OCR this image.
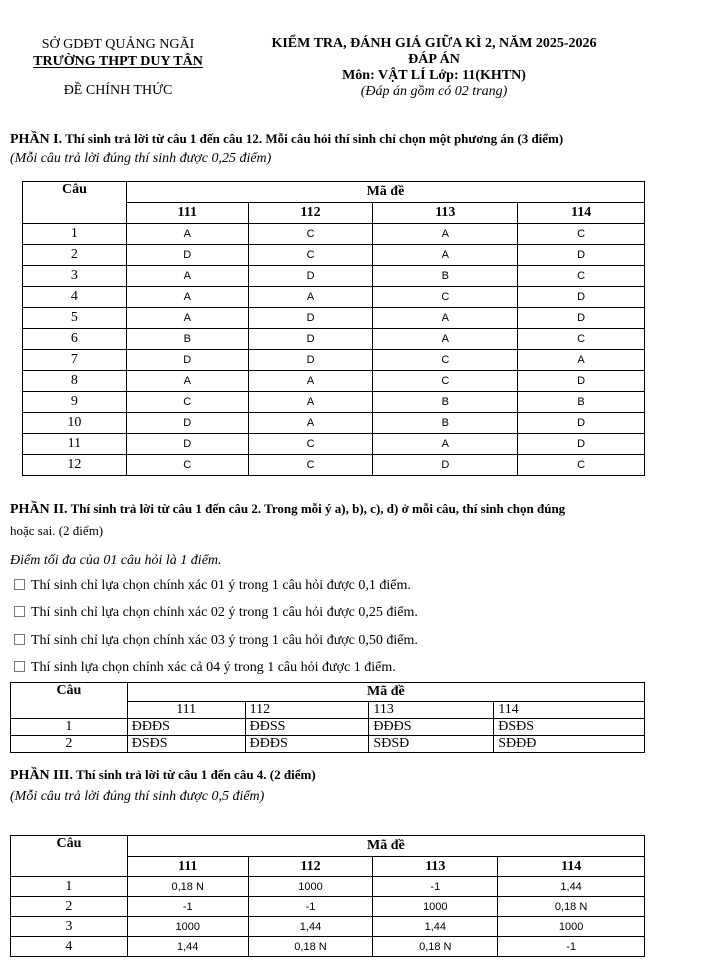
SỞ GDĐT QUẢNG NGÃI
TRƯỜNG THPT DUY TÂN
ĐỀ CHÍNH THỨC
KIỂM TRA, ĐÁNH GIÁ GIỮA KÌ 2, NĂM 2025-2026
ĐÁP ÁN
Môn: VẬT LÍ Lớp: 11(KHTN)
(Đáp án gồm có 02 trang)
PHẦN I. Thí sinh trả lời từ câu 1 đến câu 12. Mỗi câu hỏi thí sinh chỉ chọn một phương án (3 điểm)
(Mỗi câu trả lời đúng thí sinh được 0,25 điểm)
Câu	Mã đề			
	111	112	113	114
1	A	C	A	C
2	D	C	A	D
3	A	D	B	C
4	A	A	C	D
5	A	D	A	D
6	B	D	A	C
7	D	D	C	A
8	A	A	C	D
9	C	A	B	B
10	D	A	B	D
11	D	C	A	D
12	C	C	D	C
PHẦN II. Thí sinh trả lời từ câu 1 đến câu 2. Trong mỗi ý a), b), c), d) ở mỗi câu, thí sinh chọn đúng
hoặc sai. (2 điểm)
Điểm tối đa của 01 câu hỏi là 1 điểm.
Thí sinh chỉ lựa chọn chính xác 01 ý trong 1 câu hỏi được 0,1 điểm.
Thí sinh chỉ lựa chọn chính xác 02 ý trong 1 câu hỏi được 0,25 điểm.
Thí sinh chỉ lựa chọn chính xác 03 ý trong 1 câu hỏi được 0,50 điểm.
Thí sinh lựa chọn chính xác cả 04 ý trong 1 câu hỏi được 1 điểm.
Câu	Mã đề			
	111	112	113	114
1	ĐĐĐS	ĐĐSS	ĐĐĐS	ĐSĐS
2	ĐSĐS	ĐĐĐS	SĐSĐ	SĐĐĐ
PHẦN III. Thí sinh trả lời từ câu 1 đến câu 4. (2 điểm)
(Mỗi câu trả lời đúng thí sinh được 0,5 điểm)
Câu	Mã đề			
	111	112	113	114
1	0,18 N	1000	-1	1,44
2	-1	-1	1000	0,18 N
3	1000	1,44	1,44	1000
4	1,44	0,18 N	0,18 N	-1
